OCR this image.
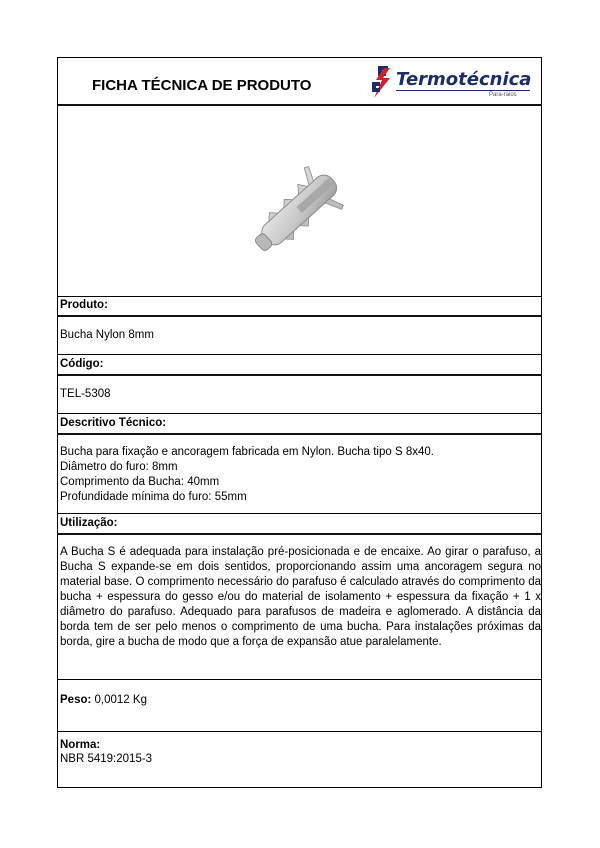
FICHA TÉCNICA DE PRODUTO	Termotécnica
Para-raios
Produto:
Bucha Nylon 8mm
Código:
TEL-5308
Descritivo Técnico:
Bucha para fixação e ancoragem fabricada em Nylon. Bucha tipo S 8x40.
Diâmetro do furo: 8mm
Comprimento da Bucha: 40mm
Profundidade mínima do furo: 55mm
Utilização:
A Bucha S é adequada para instalação pré-posicionada e de encaixe. Ao girar o parafuso, a Bucha S expande-se em dois sentidos, proporcionando assim uma ancoragem segura no material base. O comprimento necessário do parafuso é calculado através do comprimento da bucha + espessura do gesso e/ou do material de isolamento + espessura da fixação + 1 x diâmetro do parafuso. Adequado para parafusos de madeira e aglomerado. A distância da borda tem de ser pelo menos o comprimento de uma bucha. Para instalações próximas da borda, gire a bucha de modo que a força de expansão atue paralelamente.
Peso: 0,0012 Kg
Norma:
NBR 5419:2015-3
